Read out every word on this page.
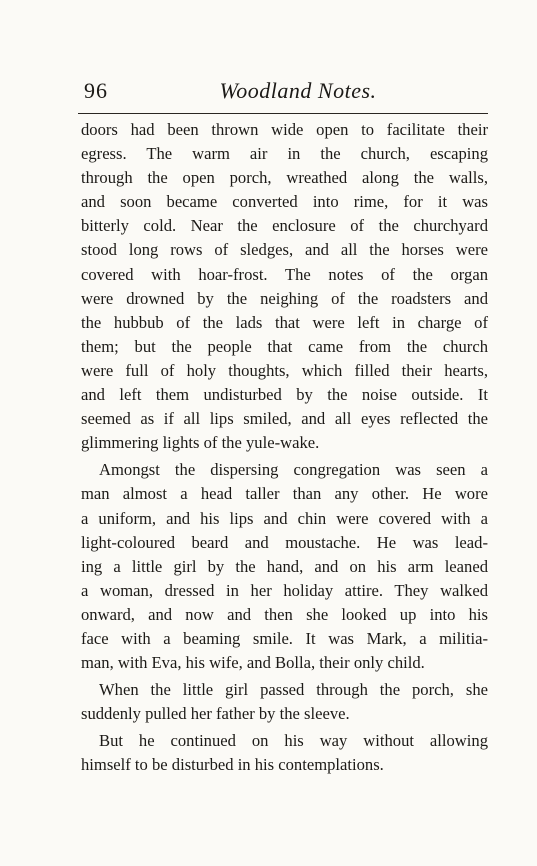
96	Woodland Notes.

doors had been thrown wide open to facilitate their
egress. The warm air in the church, escaping
through the open porch, wreathed along the walls,
and soon became converted into rime, for it was
bitterly cold. Near the enclosure of the churchyard
stood long rows of sledges, and all the horses were
covered with hoar-frost. The notes of the organ
were drowned by the neighing of the roadsters and
the hubbub of the lads that were left in charge of
them; but the people that came from the church
were full of holy thoughts, which filled their hearts,
and left them undisturbed by the noise outside. It
seemed as if all lips smiled, and all eyes reflected the
glimmering lights of the yule-wake.

Amongst the dispersing congregation was seen a
man almost a head taller than any other. He wore
a uniform, and his lips and chin were covered with a
light-coloured beard and moustache. He was lead-
ing a little girl by the hand, and on his arm leaned
a woman, dressed in her holiday attire. They walked
onward, and now and then she looked up into his
face with a beaming smile. It was Mark, a militia-
man, with Eva, his wife, and Bolla, their only child.

When the little girl passed through the porch, she
suddenly pulled her father by the sleeve.

But he continued on his way without allowing
himself to be disturbed in his contemplations.
